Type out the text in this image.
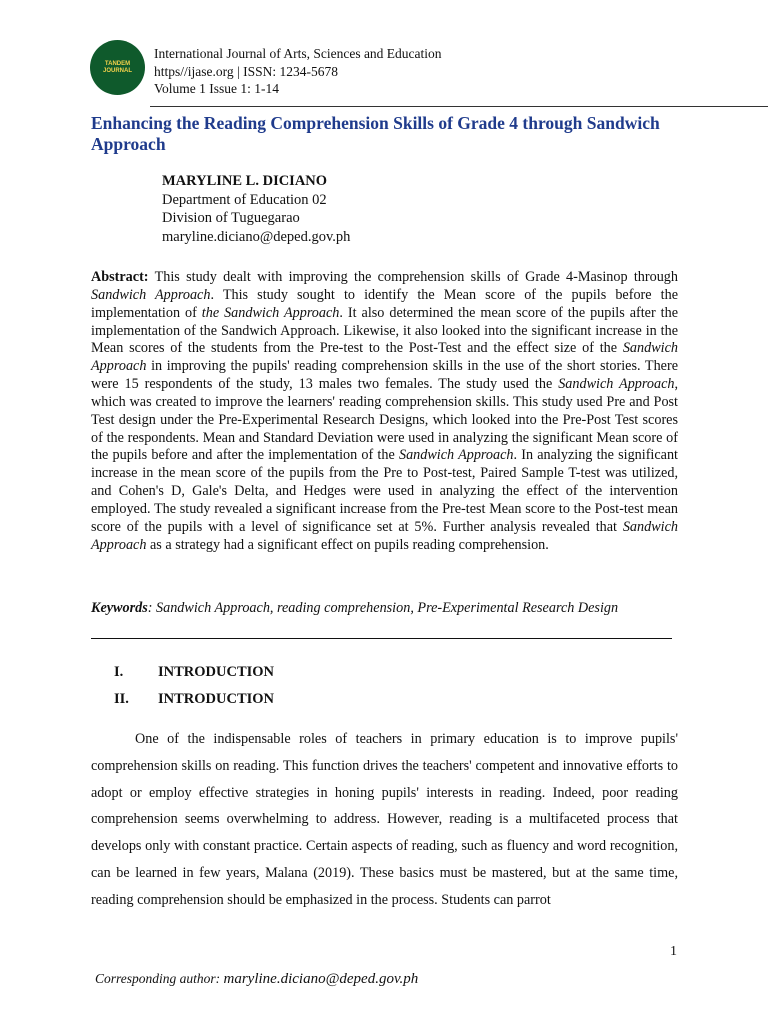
TANDEM JOURNAL
International Journal of Arts, Sciences and Education
https//ijase.org | ISSN: 1234-5678
Volume 1 Issue 1: 1-14
Enhancing the Reading Comprehension Skills of Grade 4 through Sandwich Approach
MARYLINE L. DICIANO
Department of Education 02
Division of Tuguegarao
maryline.diciano@deped.gov.ph
Abstract: This study dealt with improving the comprehension skills of Grade 4-Masinop through Sandwich Approach. This study sought to identify the Mean score of the pupils before the implementation of the Sandwich Approach. It also determined the mean score of the pupils after the implementation of the Sandwich Approach. Likewise, it also looked into the significant increase in the Mean scores of the students from the Pre-test to the Post-Test and the effect size of the Sandwich Approach in improving the pupils' reading comprehension skills in the use of the short stories. There were 15 respondents of the study, 13 males two females. The study used the Sandwich Approach, which was created to improve the learners' reading comprehension skills. This study used Pre and Post Test design under the Pre-Experimental Research Designs, which looked into the Pre-Post Test scores of the respondents. Mean and Standard Deviation were used in analyzing the significant Mean score of the pupils before and after the implementation of the Sandwich Approach. In analyzing the significant increase in the mean score of the pupils from the Pre to Post-test, Paired Sample T-test was utilized, and Cohen's D, Gale's Delta, and Hedges were used in analyzing the effect of the intervention employed. The study revealed a significant increase from the Pre-test Mean score to the Post-test mean score of the pupils with a level of significance set at 5%. Further analysis revealed that Sandwich Approach as a strategy had a significant effect on pupils reading comprehension.
Keywords: Sandwich Approach, reading comprehension, Pre-Experimental Research Design
I. INTRODUCTION
II. INTRODUCTION
One of the indispensable roles of teachers in primary education is to improve pupils' comprehension skills on reading. This function drives the teachers' competent and innovative efforts to adopt or employ effective strategies in honing pupils' interests in reading. Indeed, poor reading comprehension seems overwhelming to address. However, reading is a multifaceted process that develops only with constant practice. Certain aspects of reading, such as fluency and word recognition, can be learned in few years, Malana (2019). These basics must be mastered, but at the same time, reading comprehension should be emphasized in the process. Students can parrot
1
Corresponding author: maryline.diciano@deped.gov.ph
